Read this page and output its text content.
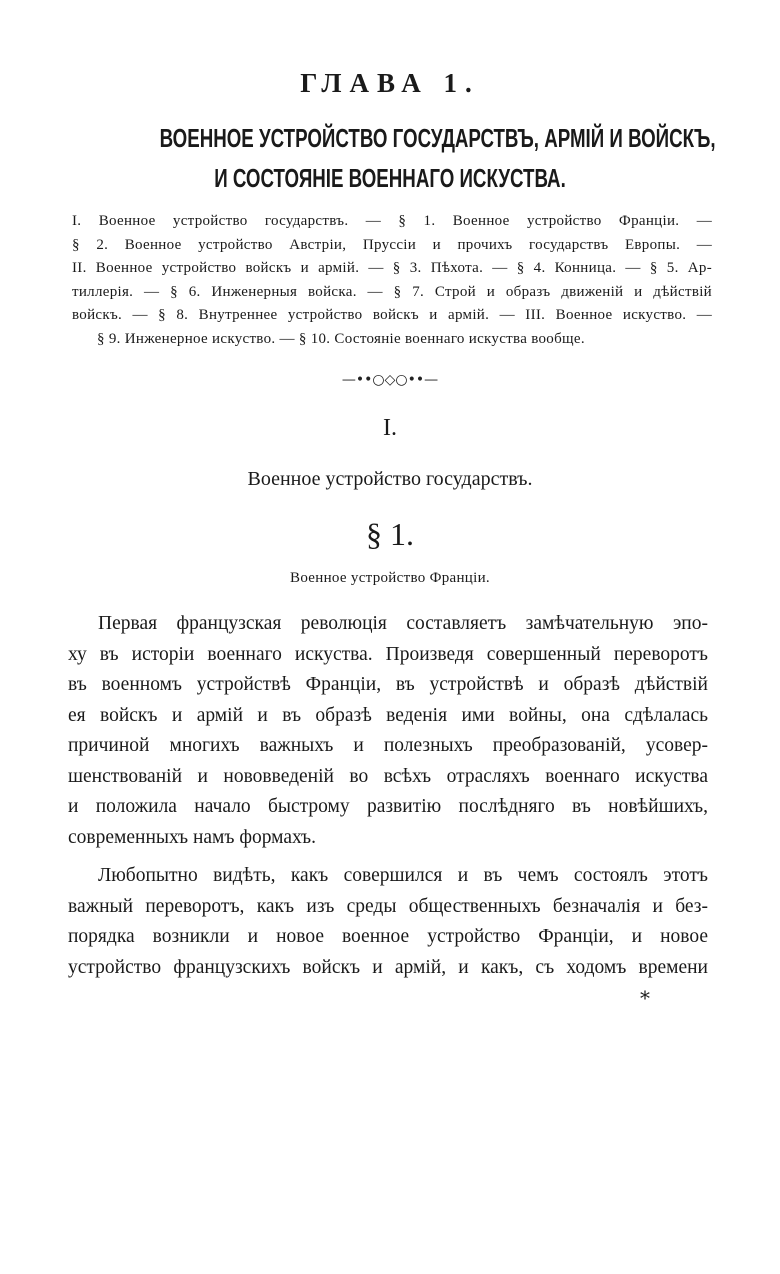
ГЛАВА 1.
ВОЕННОЕ УСТРОЙСТВО ГОСУДАРСТВЪ, АРМІЙ И ВОЙСКЪ,
И СОСТОЯНІЕ ВОЕННАГО ИСКУСТВА.
I. Военное устройство государствъ. — § 1. Военное устройство Франціи. —
§ 2. Военное устройство Австріи, Пруссіи и прочихъ государствъ Европы. —
II. Военное устройство войскъ и армій. — § 3. Пѣхота. — § 4. Конница. — § 5. Ар-
тиллерія. — § 6. Инженерныя войска. — § 7. Строй и образъ движеній и дѣйствій
войскъ. — § 8. Внутреннее устройство войскъ и армій. — III. Военное искуство. —
§ 9. Инженерное искуство. — § 10. Состояніе военнаго искуства вообще.
—••○◇○••—
I.
Военное устройство государствъ.
§ 1.
Военное устройство Франціи.
Первая французская революція составляетъ замѣчательную эпо-
ху въ исторіи военнаго искуства. Произведя совершенный переворотъ
въ военномъ устройствѣ Франціи, въ устройствѣ и образѣ дѣйствій
ея войскъ и армій и въ образѣ веденія ими войны, она сдѣлалась
причиной многихъ важныхъ и полезныхъ преобразованій, усовер-
шенствованій и нововведеній во всѣхъ отрасляхъ военнаго искуства
и положила начало быстрому развитію послѣдняго въ новѣйшихъ,
современныхъ намъ формахъ.
Любопытно видѣть, какъ совершился и въ чемъ состоялъ этотъ
важный переворотъ, какъ изъ среды общественныхъ безначалія и без-
порядка возникли и новое военное устройство Франціи, и новое
устройство французскихъ войскъ и армій, и какъ, съ ходомъ времени
*
